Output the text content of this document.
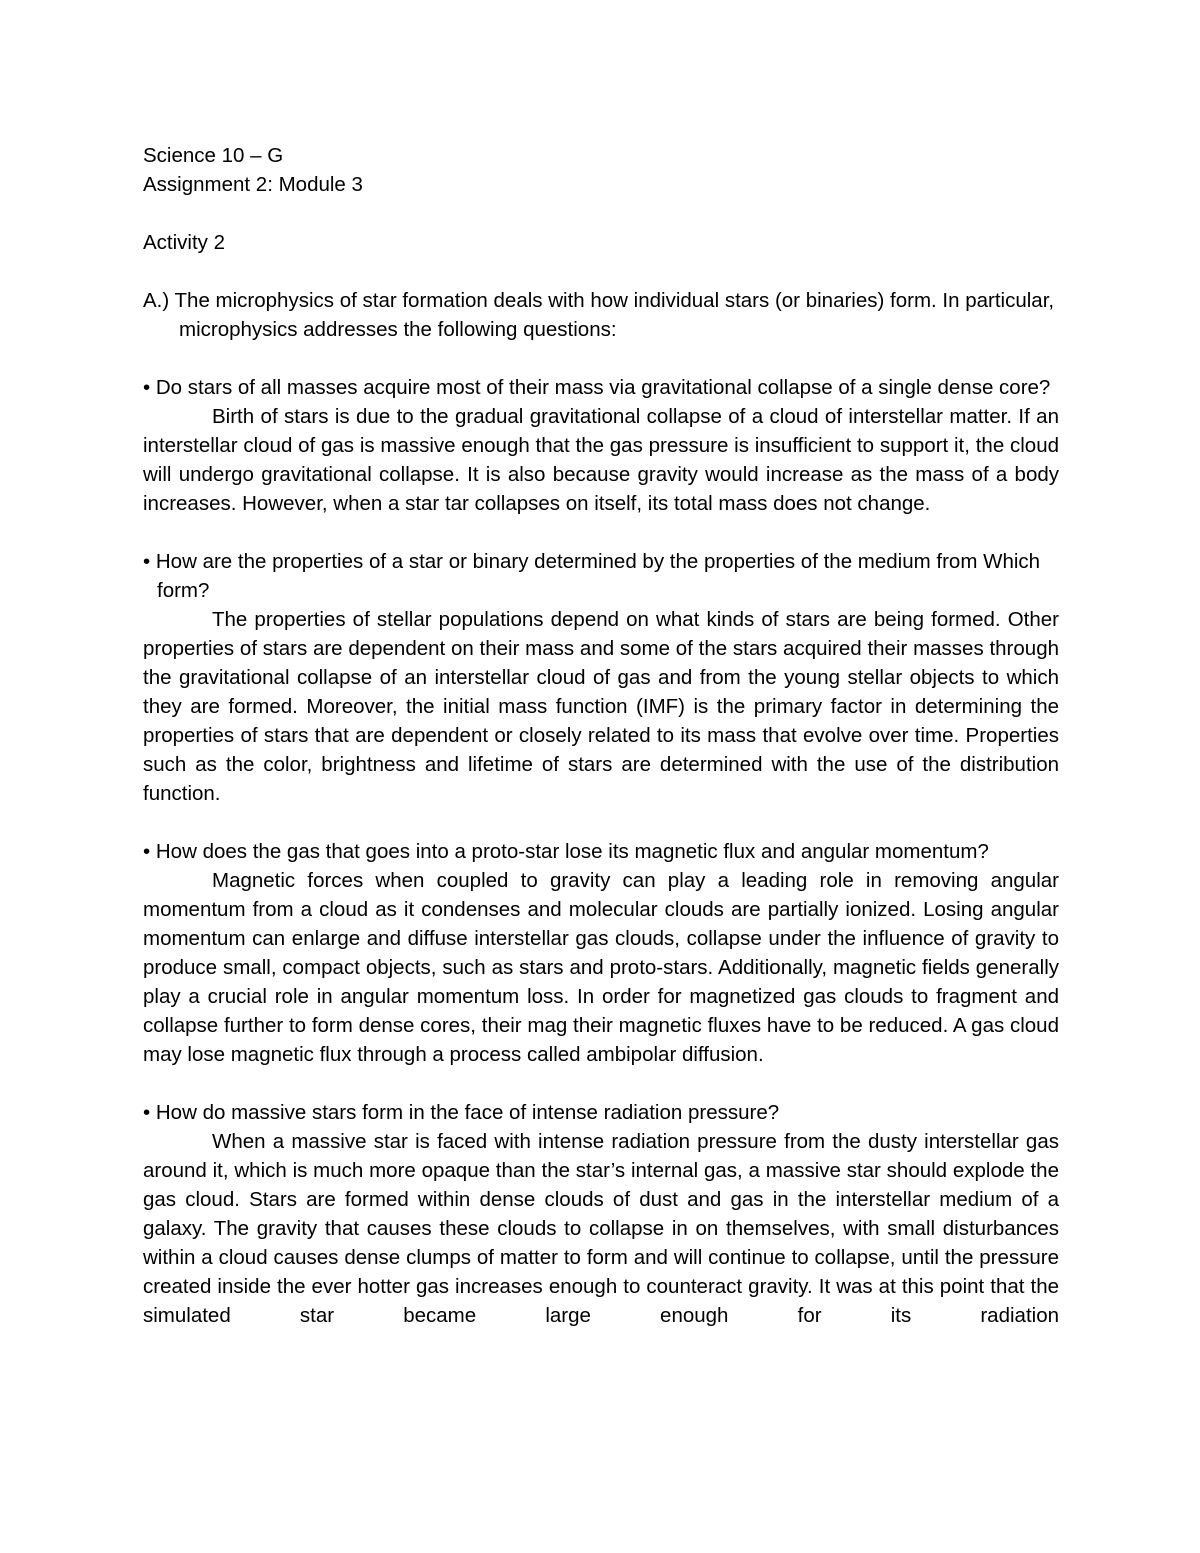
Science 10 – G

Assignment 2: Module 3

Activity 2

A.) The microphysics of star formation deals with how individual stars (or binaries) form. In particular, microphysics addresses the following questions:

• Do stars of all masses acquire most of their mass via gravitational collapse of a single dense core?

Birth of stars is due to the gradual gravitational collapse of a cloud of interstellar matter. If an interstellar cloud of gas is massive enough that the gas pressure is insufficient to support it, the cloud will undergo gravitational collapse. It is also because gravity would increase as the mass of a body increases. However, when a star tar collapses on itself, its total mass does not change.

• How are the properties of a star or binary determined by the properties of the medium from Which form?

The properties of stellar populations depend on what kinds of stars are being formed. Other properties of stars are dependent on their mass and some of the stars acquired their masses through the gravitational collapse of an interstellar cloud of gas and from the young stellar objects to which they are formed. Moreover, the initial mass function (IMF) is the primary factor in determining the properties of stars that are dependent or closely related to its mass that evolve over time. Properties such as the color, brightness and lifetime of stars are determined with the use of the distribution function.

• How does the gas that goes into a proto-star lose its magnetic flux and angular momentum?

Magnetic forces when coupled to gravity can play a leading role in removing angular momentum from a cloud as it condenses and molecular clouds are partially ionized. Losing angular momentum can enlarge and diffuse interstellar gas clouds, collapse under the influence of gravity to produce small, compact objects, such as stars and proto-stars. Additionally, magnetic fields generally play a crucial role in angular momentum loss. In order for magnetized gas clouds to fragment and collapse further to form dense cores, their mag their magnetic fluxes have to be reduced. A gas cloud may lose magnetic flux through a process called ambipolar diffusion.

• How do massive stars form in the face of intense radiation pressure?

When a massive star is faced with intense radiation pressure from the dusty interstellar gas around it, which is much more opaque than the star’s internal gas, a massive star should explode the gas cloud. Stars are formed within dense clouds of dust and gas in the interstellar medium of a galaxy. The gravity that causes these clouds to collapse in on themselves, with small disturbances within a cloud causes dense clumps of matter to form and will continue to collapse, until the pressure created inside the ever hotter gas increases enough to counteract gravity. It was at this point that the simulated star became large enough for its radiation
